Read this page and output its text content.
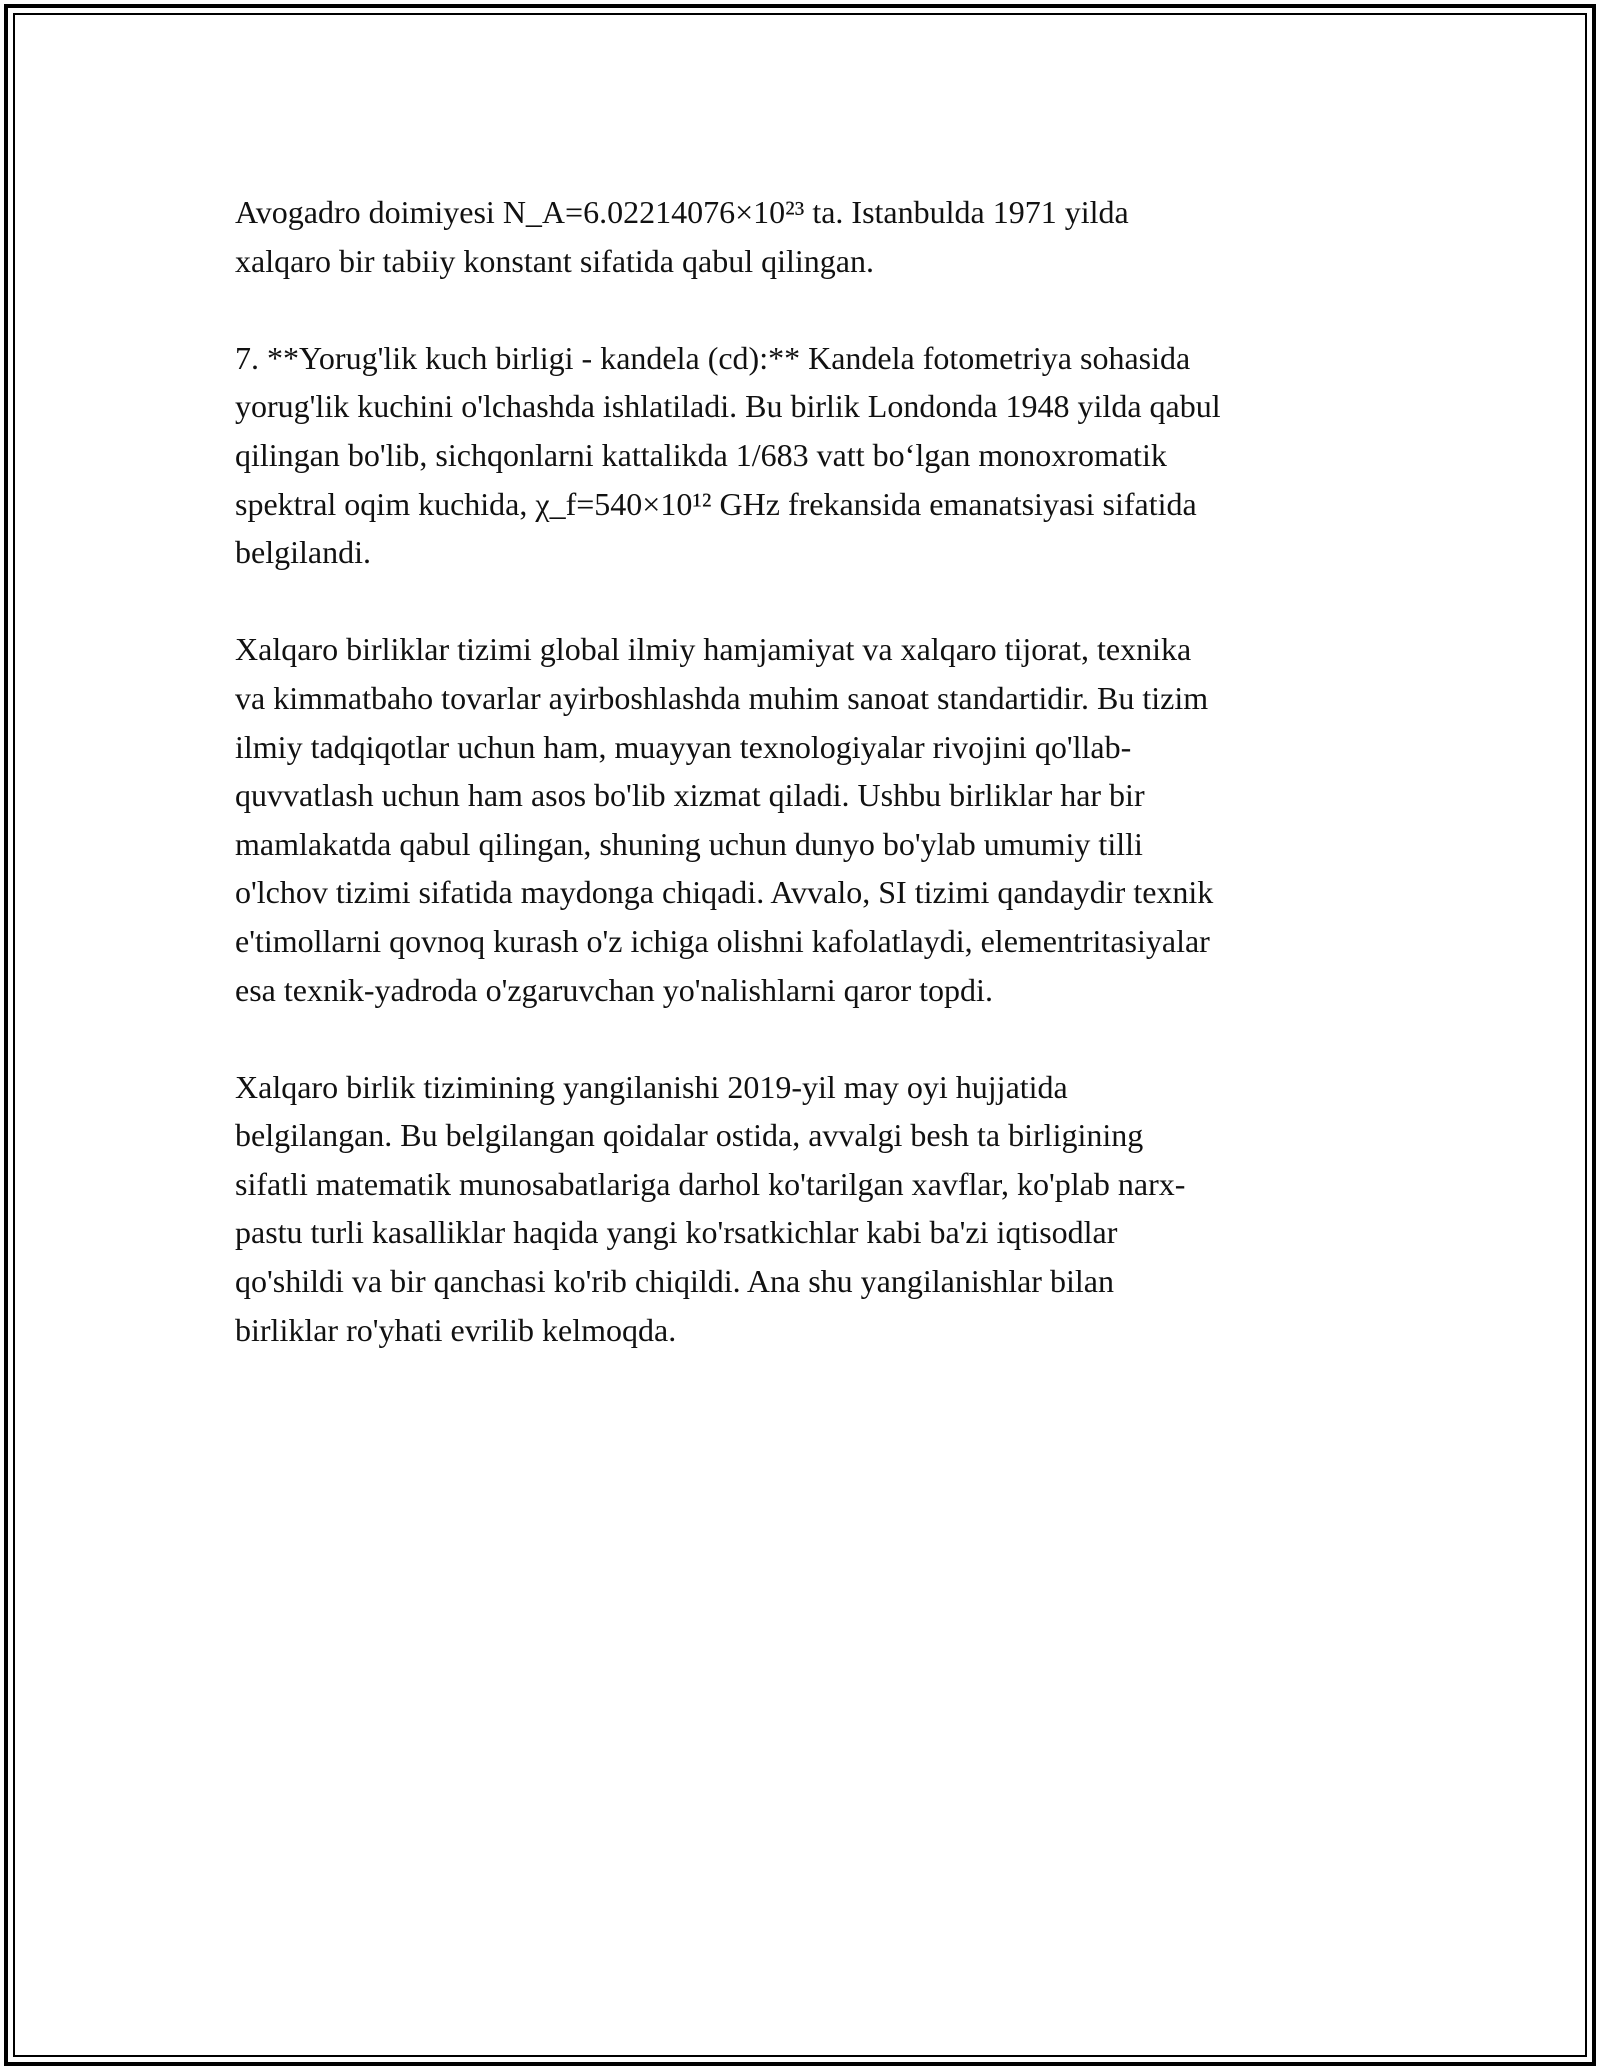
Avogadro doimiyesi N_A=6.02214076×10²³ ta. Istanbulda 1971 yilda
xalqaro bir tabiiy konstant sifatida qabul qilingan.

7. **Yorug'lik kuch birligi - kandela (cd):** Kandela fotometriya sohasida
yorug'lik kuchini o'lchashda ishlatiladi. Bu birlik Londonda 1948 yilda qabul
qilingan bo'lib, sichqonlarni kattalikda 1/683 vatt bo‘lgan monoxromatik
spektral oqim kuchida, χ_f=540×10¹² GHz frekansida emanatsiyasi sifatida
belgilandi.

Xalqaro birliklar tizimi global ilmiy hamjamiyat va xalqaro tijorat, texnika
va kimmatbaho tovarlar ayirboshlashda muhim sanoat standartidir. Bu tizim
ilmiy tadqiqotlar uchun ham, muayyan texnologiyalar rivojini qo'llab-
quvvatlash uchun ham asos bo'lib xizmat qiladi. Ushbu birliklar har bir
mamlakatda qabul qilingan, shuning uchun dunyo bo'ylab umumiy tilli
o'lchov tizimi sifatida maydonga chiqadi. Avvalo, SI tizimi qandaydir texnik
e'timollarni qovnoq kurash o'z ichiga olishni kafolatlaydi, elementritasiyalar
esa texnik-yadroda o'zgaruvchan yo'nalishlarni qaror topdi.

Xalqaro birlik tizimining yangilanishi 2019-yil may oyi hujjatida
belgilangan. Bu belgilangan qoidalar ostida, avvalgi besh ta birligining
sifatli matematik munosabatlariga darhol ko'tarilgan xavflar, ko'plab narx-
pastu turli kasalliklar haqida yangi ko'rsatkichlar kabi ba'zi iqtisodlar
qo'shildi va bir qanchasi ko'rib chiqildi. Ana shu yangilanishlar bilan
birliklar ro'yhati evrilib kelmoqda.
